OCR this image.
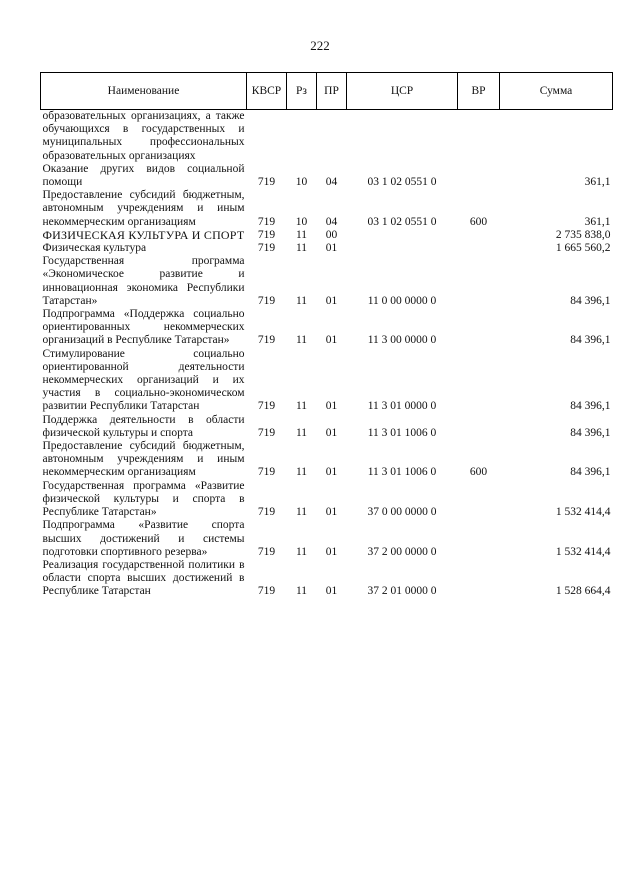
222
Наименование	КВСР	Рз	ПР	ЦСР	ВР	Сумма
образовательных организациях, а также обучающихся в государственных и муниципальных профессиональных образовательных организациях						
Оказание других видов социальной помощи	719	10	04	03 1 02 0551 0		361,1
Предоставление субсидий бюджетным, автономным учреждениям и иным некоммерческим организациям	719	10	04	03 1 02 0551 0	600	361,1
ФИЗИЧЕСКАЯ КУЛЬТУРА И СПОРТ	719	11	00			2 735 838,0
Физическая культура	719	11	01			1 665 560,2
Государственная программа «Экономическое развитие и инновационная экономика Республики Татарстан»	719	11	01	11 0 00 0000 0		84 396,1
Подпрограмма «Поддержка социально ориентированных некоммерческих организаций в Республике Татарстан»	719	11	01	11 3 00 0000 0		84 396,1
Стимулирование социально ориентированной деятельности некоммерческих организаций и их участия в социально-экономическом развитии Республики Татарстан	719	11	01	11 3 01 0000 0		84 396,1
Поддержка деятельности в области физической культуры и спорта	719	11	01	11 3 01 1006 0		84 396,1
Предоставление субсидий бюджетным, автономным учреждениям и иным некоммерческим организациям	719	11	01	11 3 01 1006 0	600	84 396,1
Государственная программа «Развитие физической культуры и спорта в Республике Татарстан»	719	11	01	37 0 00 0000 0		1 532 414,4
Подпрограмма «Развитие спорта высших достижений и системы подготовки спортивного резерва»	719	11	01	37 2 00 0000 0		1 532 414,4
Реализация государственной политики в области спорта высших достижений в Республике Татарстан	719	11	01	37 2 01 0000 0		1 528 664,4
